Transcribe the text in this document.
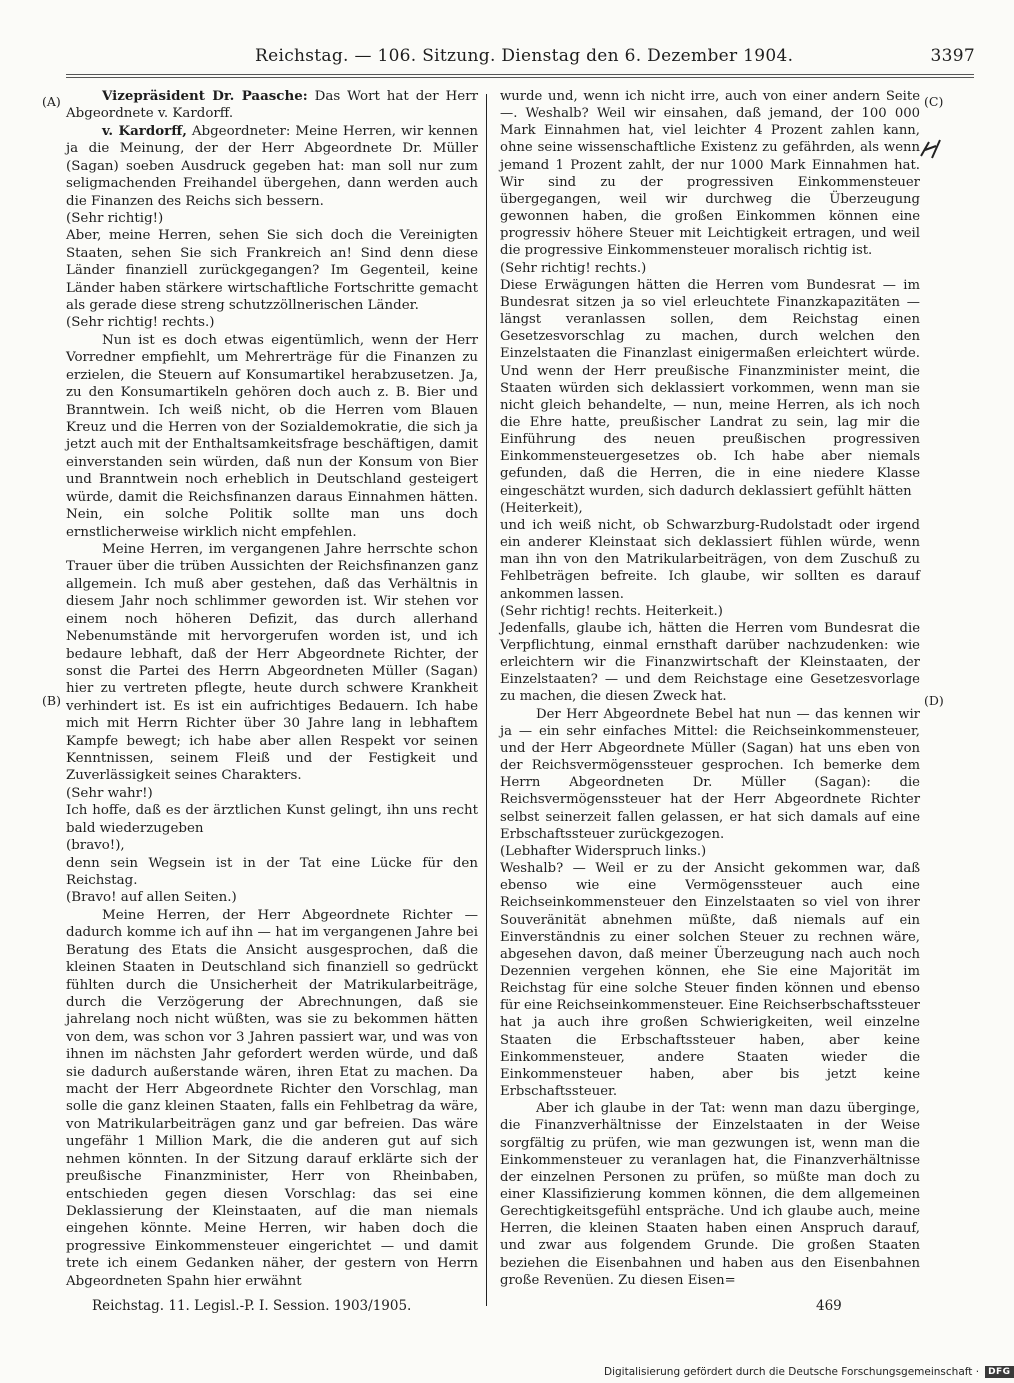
Reichstag. — 106. Sitzung. Dienstag den 6. Dezember 1904.	3397
(A)
(B)
(C)
(D)

Vizepräsident Dr. Paasche: Das Wort hat der Herr Abgeordnete v. Kardorff.

v. Kardorff, Abgeordneter: Meine Herren, wir kennen ja die Meinung, der der Herr Abgeordnete Dr. Müller (Sagan) soeben Ausdruck gegeben hat: man soll nur zum seligmachenden Freihandel übergehen, dann werden auch die Finanzen des Reichs sich bessern.

(Sehr richtig!)

Aber, meine Herren, sehen Sie sich doch die Vereinigten Staaten, sehen Sie sich Frankreich an! Sind denn diese Länder finanziell zurückgegangen? Im Gegenteil, keine Länder haben stärkere wirtschaftliche Fortschritte gemacht als gerade diese streng schutzzöllnerischen Länder.

(Sehr richtig! rechts.)

Nun ist es doch etwas eigentümlich, wenn der Herr Vorredner empfiehlt, um Mehrerträge für die Finanzen zu erzielen, die Steuern auf Konsumartikel herabzusetzen. Ja, zu den Konsumartikeln gehören doch auch z. B. Bier und Branntwein. Ich weiß nicht, ob die Herren vom Blauen Kreuz und die Herren von der Sozialdemokratie, die sich ja jetzt auch mit der Enthaltsamkeitsfrage beschäftigen, damit einverstanden sein würden, daß nun der Konsum von Bier und Branntwein noch erheblich in Deutschland gesteigert würde, damit die Reichsfinanzen daraus Einnahmen hätten. Nein, ein solche Politik sollte man uns doch ernstlicherweise wirklich nicht empfehlen.

Meine Herren, im vergangenen Jahre herrschte schon Trauer über die trüben Aussichten der Reichsfinanzen ganz allgemein. Ich muß aber gestehen, daß das Verhältnis in diesem Jahr noch schlimmer geworden ist. Wir stehen vor einem noch höheren Defizit, das durch allerhand Nebenumstände mit hervorgerufen worden ist, und ich bedaure lebhaft, daß der Herr Abgeordnete Richter, der sonst die Partei des Herrn Abgeordneten Müller (Sagan) hier zu vertreten pflegte, heute durch schwere Krankheit verhindert ist. Es ist ein aufrichtiges Bedauern. Ich habe mich mit Herrn Richter über 30 Jahre lang in lebhaftem Kampfe bewegt; ich habe aber allen Respekt vor seinen Kenntnissen, seinem Fleiß und der Festigkeit und Zuverlässigkeit seines Charakters.

(Sehr wahr!)

Ich hoffe, daß es der ärztlichen Kunst gelingt, ihn uns recht bald wiederzugeben

(bravo!),

denn sein Wegsein ist in der Tat eine Lücke für den Reichstag.

(Bravo! auf allen Seiten.)

Meine Herren, der Herr Abgeordnete Richter — dadurch komme ich auf ihn — hat im vergangenen Jahre bei Beratung des Etats die Ansicht ausgesprochen, daß die kleinen Staaten in Deutschland sich finanziell so gedrückt fühlten durch die Unsicherheit der Matrikularbeiträge, durch die Verzögerung der Abrechnungen, daß sie jahrelang noch nicht wüßten, was sie zu bekommen hätten von dem, was schon vor 3 Jahren passiert war, und was von ihnen im nächsten Jahr gefordert werden würde, und daß sie dadurch außerstande wären, ihren Etat zu machen. Da macht der Herr Abgeordnete Richter den Vorschlag, man solle die ganz kleinen Staaten, falls ein Fehlbetrag da wäre, von Matrikularbeiträgen ganz und gar befreien. Das wäre ungefähr 1 Million Mark, die die anderen gut auf sich nehmen könnten. In der Sitzung darauf erklärte sich der preußische Finanzminister, Herr von Rheinbaben, entschieden gegen diesen Vorschlag: das sei eine Deklassierung der Kleinstaaten, auf die man niemals eingehen könnte. Meine Herren, wir haben doch die progressive Einkommensteuer eingerichtet — und damit trete ich einem Gedanken näher, der gestern von Herrn Abgeordneten Spahn hier erwähnt

wurde und, wenn ich nicht irre, auch von einer andern Seite —. Weshalb? Weil wir einsahen, daß jemand, der 100 000 Mark Einnahmen hat, viel leichter 4 Prozent zahlen kann, ohne seine wissenschaftliche Existenz zu gefährden, als wenn jemand 1 Prozent zahlt, der nur 1000 Mark Einnahmen hat. Wir sind zu der progressiven Einkommensteuer übergegangen, weil wir durchweg die Überzeugung gewonnen haben, die großen Einkommen können eine progressiv höhere Steuer mit Leichtigkeit ertragen, und weil die progressive Einkommensteuer moralisch richtig ist.

(Sehr richtig! rechts.)

Diese Erwägungen hätten die Herren vom Bundesrat — im Bundesrat sitzen ja so viel erleuchtete Finanzkapazitäten — längst veranlassen sollen, dem Reichstag einen Gesetzesvorschlag zu machen, durch welchen den Einzelstaaten die Finanzlast einigermaßen erleichtert würde. Und wenn der Herr preußische Finanzminister meint, die Staaten würden sich deklassiert vorkommen, wenn man sie nicht gleich behandelte, — nun, meine Herren, als ich noch die Ehre hatte, preußischer Landrat zu sein, lag mir die Einführung des neuen preußischen progressiven Einkommensteuergesetzes ob. Ich habe aber niemals gefunden, daß die Herren, die in eine niedere Klasse eingeschätzt wurden, sich dadurch deklassiert gefühlt hätten

(Heiterkeit),

und ich weiß nicht, ob Schwarzburg-Rudolstadt oder irgend ein anderer Kleinstaat sich deklassiert fühlen würde, wenn man ihn von den Matrikularbeiträgen, von dem Zuschuß zu Fehlbeträgen befreite. Ich glaube, wir sollten es darauf ankommen lassen.

(Sehr richtig! rechts. Heiterkeit.)

Jedenfalls, glaube ich, hätten die Herren vom Bundesrat die Verpflichtung, einmal ernsthaft darüber nachzudenken: wie erleichtern wir die Finanzwirtschaft der Kleinstaaten, der Einzelstaaten? — und dem Reichstage eine Gesetzesvorlage zu machen, die diesen Zweck hat.

Der Herr Abgeordnete Bebel hat nun — das kennen wir ja — ein sehr einfaches Mittel: die Reichseinkommensteuer, und der Herr Abgeordnete Müller (Sagan) hat uns eben von der Reichsvermögenssteuer gesprochen. Ich bemerke dem Herrn Abgeordneten Dr. Müller (Sagan): die Reichsvermögenssteuer hat der Herr Abgeordnete Richter selbst seinerzeit fallen gelassen, er hat sich damals auf eine Erbschaftssteuer zurückgezogen.

(Lebhafter Widerspruch links.)

Weshalb? — Weil er zu der Ansicht gekommen war, daß ebenso wie eine Vermögenssteuer auch eine Reichseinkommensteuer den Einzelstaaten so viel von ihrer Souveränität abnehmen müßte, daß niemals auf ein Einverständnis zu einer solchen Steuer zu rechnen wäre, abgesehen davon, daß meiner Überzeugung nach auch noch Dezennien vergehen können, ehe Sie eine Majorität im Reichstag für eine solche Steuer finden können und ebenso für eine Reichseinkommensteuer. Eine Reichserbschaftssteuer hat ja auch ihre großen Schwierigkeiten, weil einzelne Staaten die Erbschaftssteuer haben, aber keine Einkommensteuer, andere Staaten wieder die Einkommensteuer haben, aber bis jetzt keine Erbschaftssteuer.

Aber ich glaube in der Tat: wenn man dazu überginge, die Finanzverhältnisse der Einzelstaaten in der Weise sorgfältig zu prüfen, wie man gezwungen ist, wenn man die Einkommensteuer zu veranlagen hat, die Finanzverhältnisse der einzelnen Personen zu prüfen, so müßte man doch zu einer Klassifizierung kommen können, die dem allgemeinen Gerechtigkeitsgefühl entspräche. Und ich glaube auch, meine Herren, die kleinen Staaten haben einen Anspruch darauf, und zwar aus folgendem Grunde. Die großen Staaten beziehen die Eisenbahnen und haben aus den Eisenbahnen große Revenüen. Zu diesen Eisen=

Reichstag. 11. Legisl.-P. I. Session. 1903/1905.	469
Digitalisierung gefördert durch die Deutsche Forschungsgemeinschaft ·	DFG
